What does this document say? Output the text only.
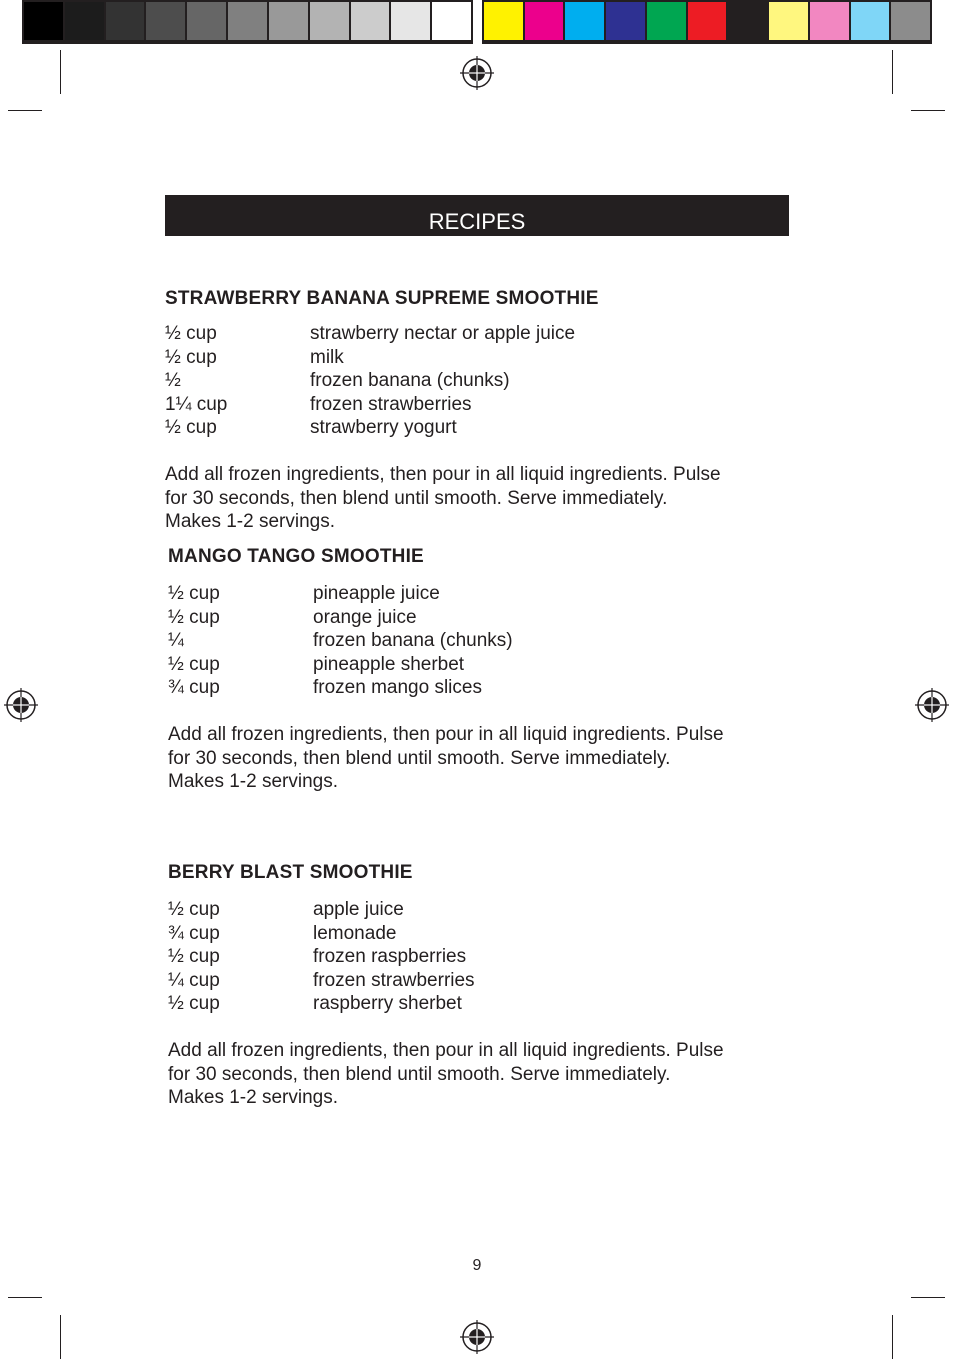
RECIPES
STRAWBERRY BANANA SUPREME SMOOTHIE
½ cup	strawberry nectar or apple juice
½ cup	milk
½	frozen banana (chunks)
1¼ cup	frozen strawberries
½ cup	strawberry yogurt
Add all frozen ingredients, then pour in all liquid ingredients. Pulse
for 30 seconds, then blend until smooth. Serve immediately.
Makes 1-2 servings.
MANGO TANGO SMOOTHIE
½ cup	pineapple juice
½ cup	orange juice
¼	frozen banana (chunks)
½ cup	pineapple sherbet
¾ cup	frozen mango slices
Add all frozen ingredients, then pour in all liquid ingredients. Pulse
for 30 seconds, then blend until smooth. Serve immediately.
Makes 1-2 servings.
BERRY BLAST SMOOTHIE
½ cup	apple juice
¾ cup	lemonade
½ cup	frozen raspberries
¼ cup	frozen strawberries
½ cup	raspberry sherbet
Add all frozen ingredients, then pour in all liquid ingredients. Pulse
for 30 seconds, then blend until smooth. Serve immediately.
Makes 1-2 servings.
9
